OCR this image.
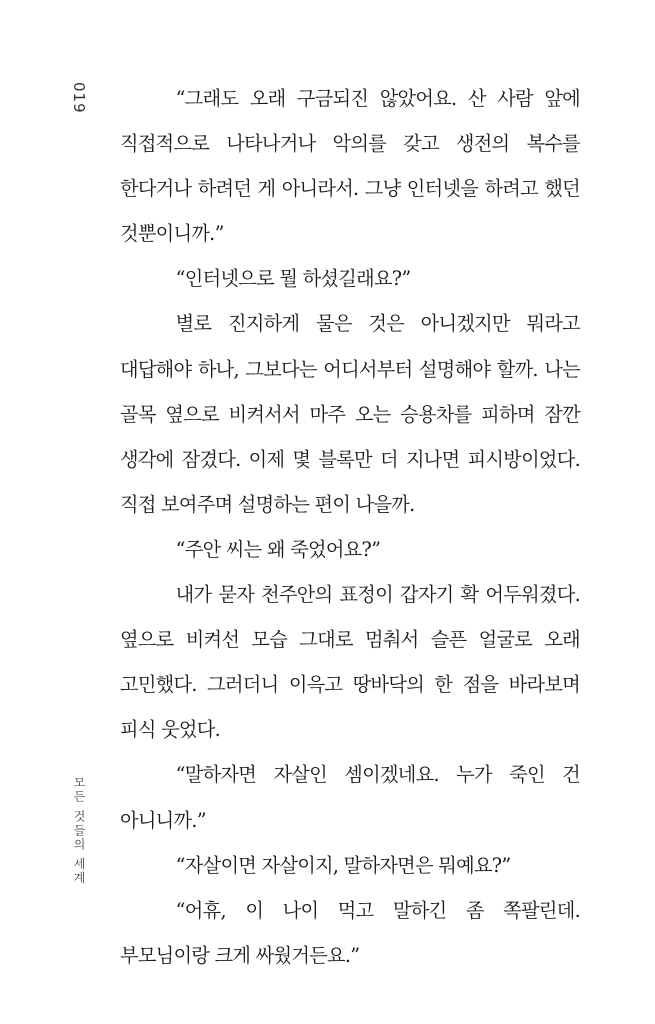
019
모든 것들의 세계

“그래도 오래 구금되진 않았어요. 산 사람 앞에 직접적으로 나타나거나 악의를 갖고 생전의 복수를 한다거나 하려던 게 아니라서. 그냥 인터넷을 하려고 했던 것뿐이니까.”

“인터넷으로 뭘 하셨길래요?”

별로 진지하게 물은 것은 아니겠지만 뭐라고 대답해야 하나, 그보다는 어디서부터 설명해야 할까. 나는 골목 옆으로 비켜서서 마주 오는 승용차를 피하며 잠깐 생각에 잠겼다. 이제 몇 블록만 더 지나면 피시방이었다. 직접 보여주며 설명하는 편이 나을까.

“주안 씨는 왜 죽었어요?”

내가 묻자 천주안의 표정이 갑자기 확 어두워졌다. 옆으로 비켜선 모습 그대로 멈춰서 슬픈 얼굴로 오래 고민했다. 그러더니 이윽고 땅바닥의 한 점을 바라보며 피식 웃었다.

“말하자면 자살인 셈이겠네요. 누가 죽인 건 아니니까.”

“자살이면 자살이지, 말하자면은 뭐예요?”

“어휴, 이 나이 먹고 말하긴 좀 쪽팔린데. 부모님이랑 크게 싸웠거든요.”
